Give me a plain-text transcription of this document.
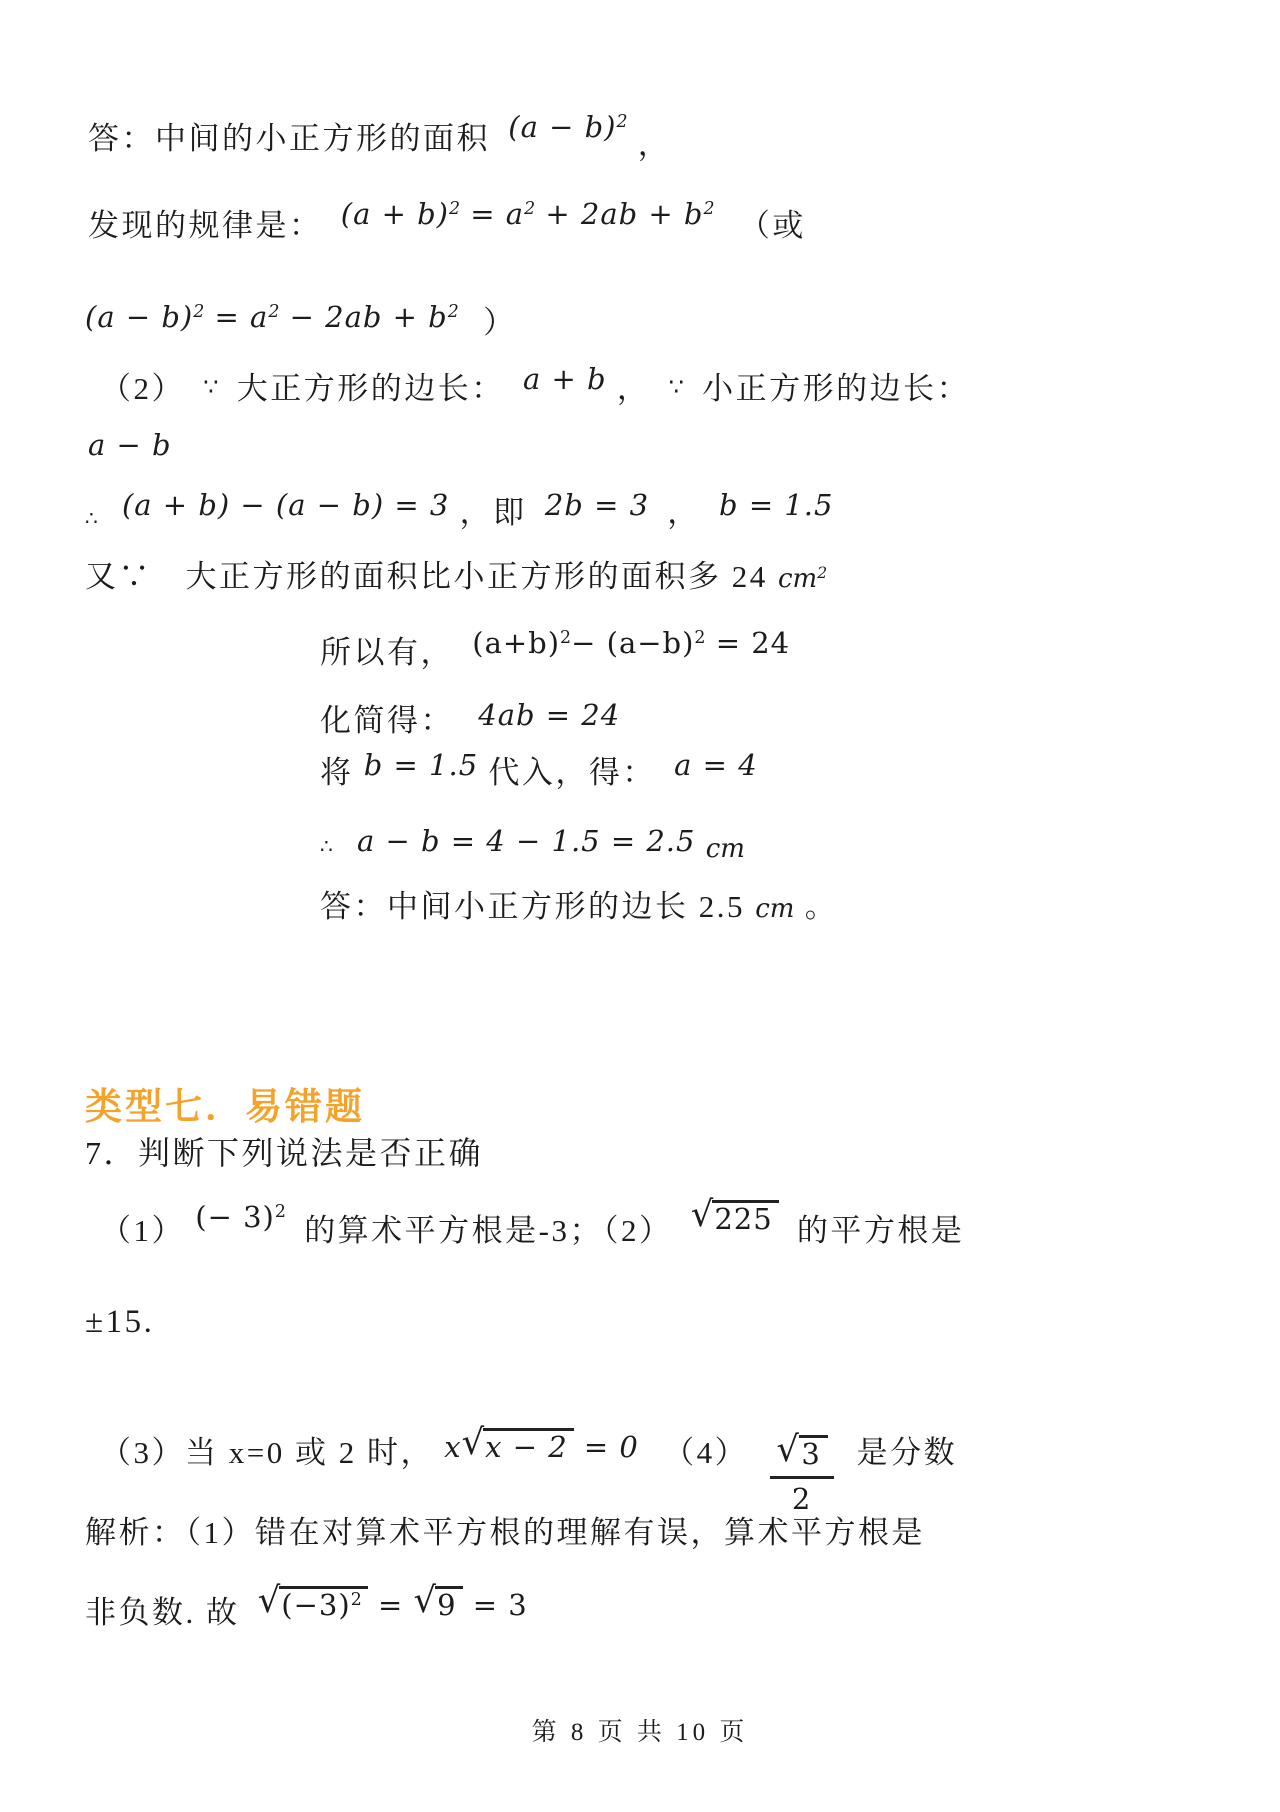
答：中间的小正方形的面积 $(a - b)^2$ ，
发现的规律是： $(a + b)^2 = a^2 + 2ab + b^2$ （或
$(a - b)^2 = a^2 - 2ab + b^2$ ）
（2） ∵ 大正方形的边长： a + b ， ∵ 小正方形的边长：
a − b
∴ (a + b) − (a − b) = 3 ，即 2b = 3 ， b = 1.5
又∵　大正方形的面积比小正方形的面积多 24 $cm^2$
所以有， $(a+b)^2- (a-b)^2 = 24$
化简得： 4ab = 24
将 b = 1.5 代入，得： a = 4
∴ a − b = 4 − 1.5 = 2.5 cm
答：中间小正方形的边长 2.5 cm 。
类型七．易错题
7．判断下列说法是否正确
（1） (− 3)$^2$ 的算术平方根是-3；（2） √ 225 的平方根是
±15.
（3）当 x=0 或 2 时， x √ x − 2 = 0 $(4) \frac{√ 3}{2}$ 是分数
解析：（1）错在对算术平方根的理解有误，算术平方根是
非负数. 故 √ $(-3)^2$ = √ 9 = 3
第 8 页 共 10 页
